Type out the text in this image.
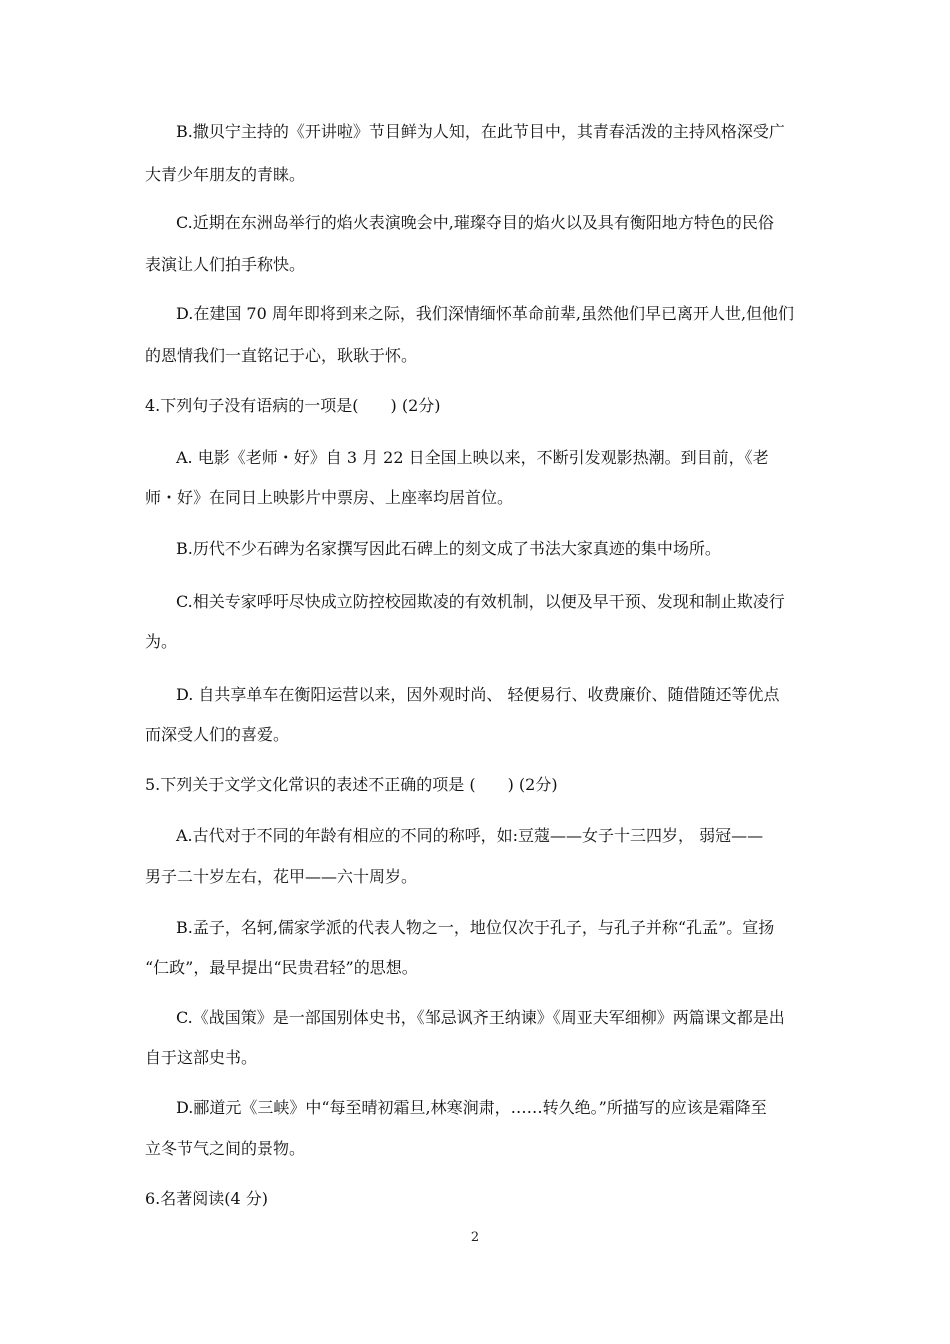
B.撒贝宁主持的《开讲啦》节目鲜为人知，在此节目中，其青春活泼的主持风格深受广
大青少年朋友的青睐。
C.近期在东洲岛举行的焰火表演晚会中,璀璨夺目的焰火以及具有衡阳地方特色的民俗
表演让人们拍手称快。
D.在建国 70 周年即将到来之际，我们深情缅怀革命前辈,虽然他们早已离开人世,但他们
的恩情我们一直铭记于心，耿耿于怀。
4.下列句子没有语病的一项是(　　) (2分)
A. 电影《老师・好》自 3 月 22 日全国上映以来，不断引发观影热潮。到目前，《老
师・好》在同日上映影片中票房、上座率均居首位。
B.历代不少石碑为名家撰写因此石碑上的刻文成了书法大家真迹的集中场所。
C.相关专家呼吁尽快成立防控校园欺凌的有效机制，以便及早干预、发现和制止欺凌行
为。
D. 自共享单车在衡阳运营以来，因外观时尚、 轻便易行、收费廉价、随借随还等优点
而深受人们的喜爱。
5.下列关于文学文化常识的表述不正确的项是 (　　) (2分)
A.古代对于不同的年龄有相应的不同的称呼，如:豆蔻——女子十三四岁， 弱冠——
男子二十岁左右，花甲——六十周岁。
B.孟子，名轲,儒家学派的代表人物之一，地位仅次于孔子，与孔子并称“孔孟”。宣扬
“仁政”，最早提出“民贵君轻”的思想。
C.《战国策》是一部国别体史书，《邹忌讽齐王纳谏》《周亚夫军细柳》两篇课文都是出
自于这部史书。
D.郦道元《三峡》中“每至晴初霜旦,林寒涧肃，……转久绝。”所描写的应该是霜降至
立冬节气之间的景物。
6.名著阅读(4 分)
2
